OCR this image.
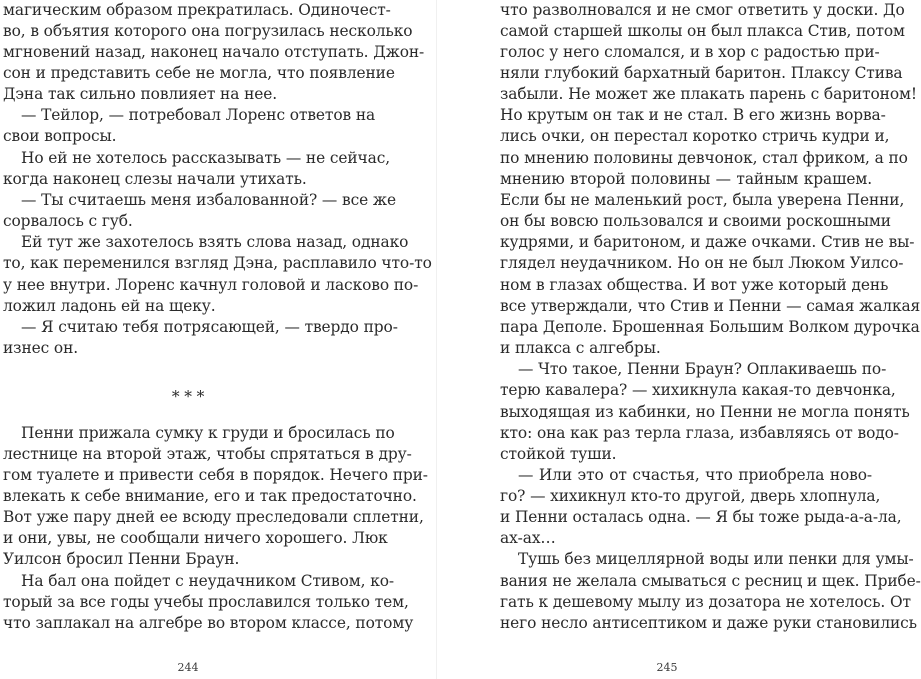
магическим образом прекратилась. Одиночест-
во, в объятия которого она погрузилась несколько
мгновений назад, наконец начало отступать. Джон-
сон и представить себе не могла, что появление
Дэна так сильно повлияет на нее.
— Тейлор, — потребовал Лоренс ответов на
свои вопросы.
Но ей не хотелось рассказывать — не сейчас,
когда наконец слезы начали утихать.
— Ты считаешь меня избалованной? — все же
сорвалось с губ.
Ей тут же захотелось взять слова назад, однако
то, как переменился взгляд Дэна, расплавило что-то
у нее внутри. Лоренс качнул головой и ласково по-
ложил ладонь ей на щеку.
— Я считаю тебя потрясающей, — твердо про-
изнес он.
* * *
Пенни прижала сумку к груди и бросилась по
лестнице на второй этаж, чтобы спрятаться в дру-
гом туалете и привести себя в порядок. Нечего при-
влекать к себе внимание, его и так предостаточно.
Вот уже пару дней ее всюду преследовали сплетни,
и они, увы, не сообщали ничего хорошего. Люк
Уилсон бросил Пенни Браун.
На бал она пойдет с неудачником Стивом, ко-
торый за все годы учебы прославился только тем,
что заплакал на алгебре во втором классе, потому
244
что разволновался и не смог ответить у доски. До
самой старшей школы он был плакса Стив, потом
голос у него сломался, и в хор с радостью при-
няли глубокий бархатный баритон. Плаксу Стива
забыли. Не может же плакать парень с баритоном!
Но крутым он так и не стал. В его жизнь ворва-
лись очки, он перестал коротко стричь кудри и,
по мнению половины девчонок, стал фриком, а по
мнению второй половины — тайным крашем.
Если бы не маленький рост, была уверена Пенни,
он бы вовсю пользовался и своими роскошными
кудрями, и баритоном, и даже очками. Стив не вы-
глядел неудачником. Но он не был Люком Уилсо-
ном в глазах общества. И вот уже который день
все утверждали, что Стив и Пенни — самая жалкая
пара Деполе. Брошенная Большим Волком дурочка
и плакса с алгебры.
— Что такое, Пенни Браун? Оплакиваешь по-
терю кавалера? — хихикнула какая-то девчонка,
выходящая из кабинки, но Пенни не могла понять
кто: она как раз терла глаза, избавляясь от водо-
стойкой туши.
— Или это от счастья, что приобрела ново-
го? — хихикнул кто-то другой, дверь хлопнула,
и Пенни осталась одна. — Я бы тоже рыда-а-а-ла,
ах-ах…
Тушь без мицеллярной воды или пенки для умы-
вания не желала смываться с ресниц и щек. Прибе-
гать к дешевому мылу из дозатора не хотелось. От
него несло антисептиком и даже руки становились
245
